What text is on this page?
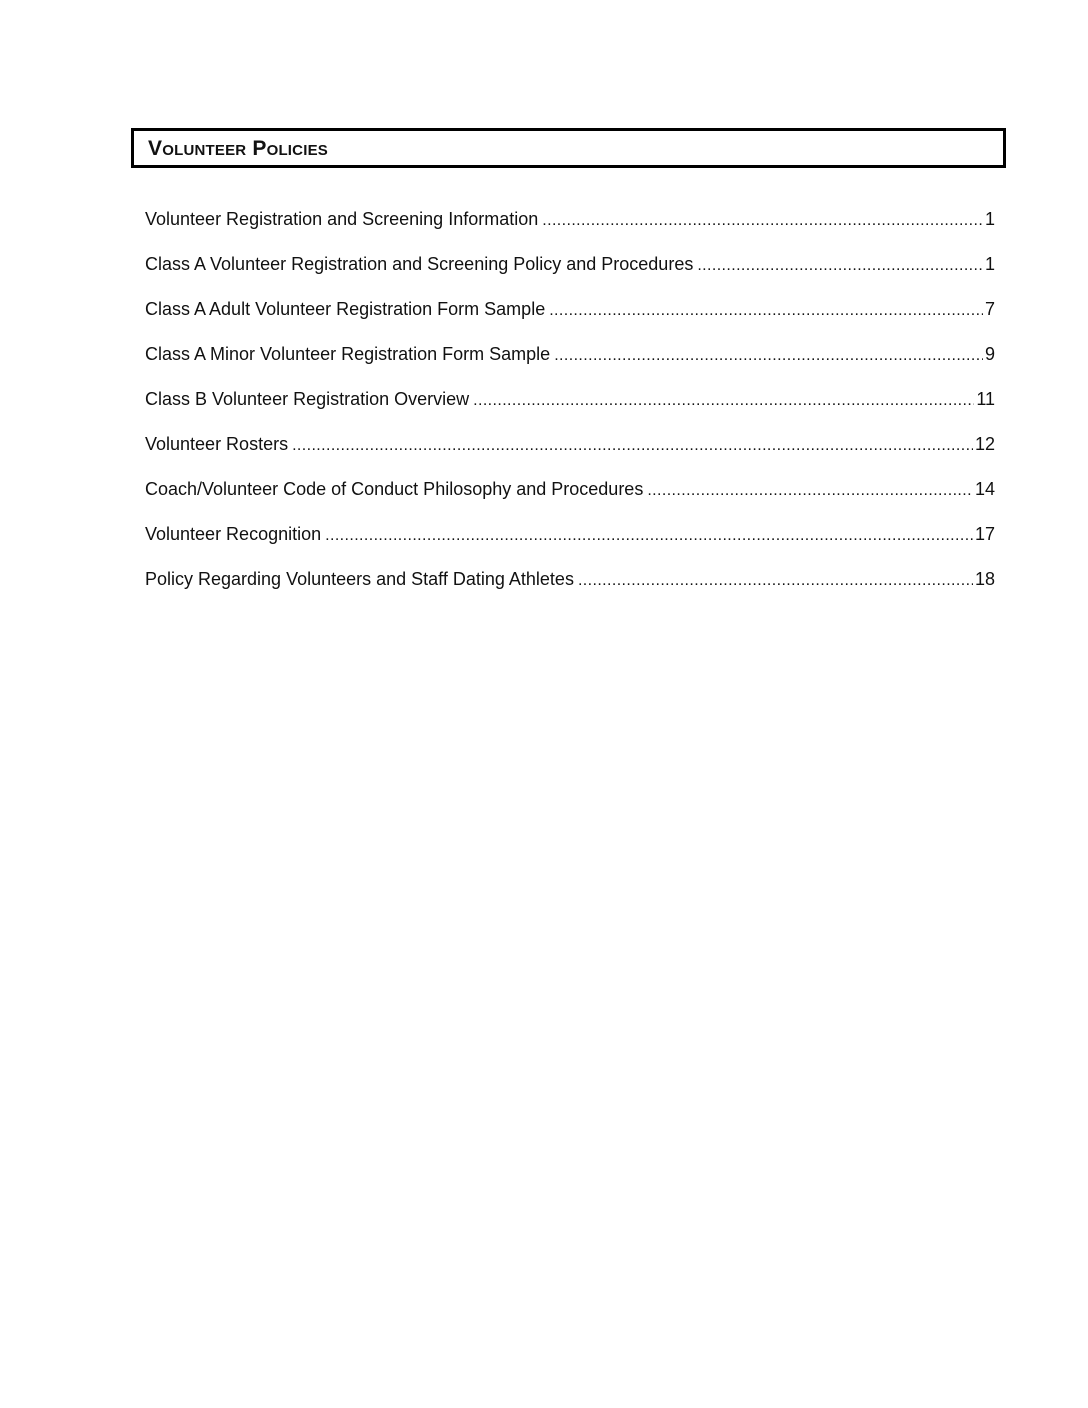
Volunteer Policies
Volunteer Registration and Screening Information .....	1
Class A Volunteer Registration and Screening Policy and Procedures .....	1
Class A Adult Volunteer Registration Form Sample .....	7
Class A Minor Volunteer Registration Form Sample .....	9
Class B Volunteer Registration Overview .....	11
Volunteer Rosters .....	12
Coach/Volunteer Code of Conduct Philosophy and Procedures .....	14
Volunteer Recognition .....	17
Policy Regarding Volunteers and Staff Dating Athletes .....	18
